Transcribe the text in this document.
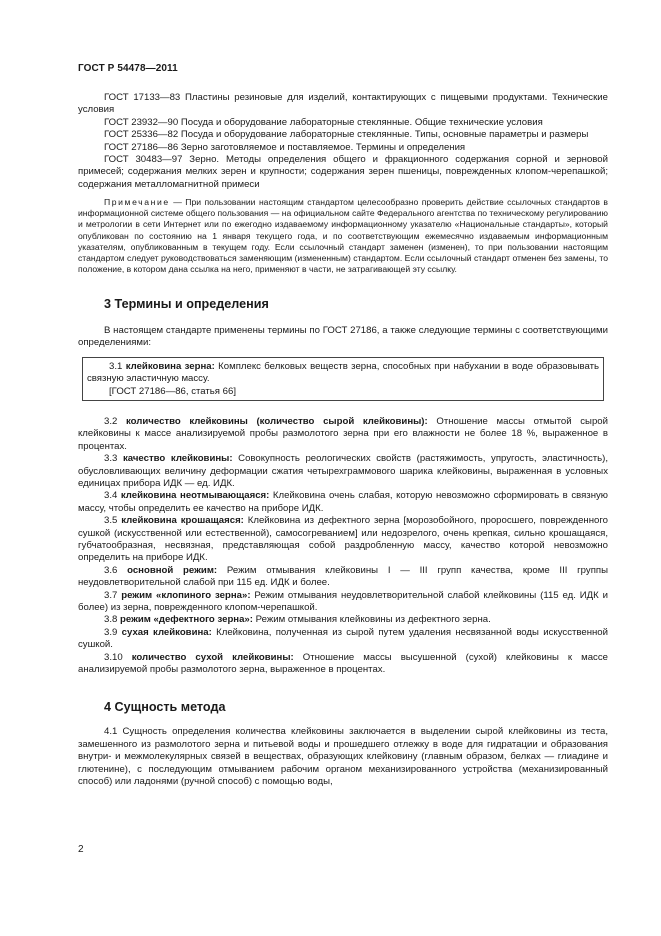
ГОСТ Р 54478—2011

ГОСТ 17133—83 Пластины резиновые для изделий, контактирующих с пищевыми продуктами. Технические условия

ГОСТ 23932—90 Посуда и оборудование лабораторные стеклянные. Общие технические условия

ГОСТ 25336—82 Посуда и оборудование лабораторные стеклянные. Типы, основные параметры и размеры

ГОСТ 27186—86 Зерно заготовляемое и поставляемое. Термины и определения

ГОСТ 30483—97 Зерно. Методы определения общего и фракционного содержания сорной и зерновой примесей; содержания мелких зерен и крупности; содержания зерен пшеницы, поврежденных клопом-черепашкой; содержания металломагнитной примеси

Примечание — При пользовании настоящим стандартом целесообразно проверить действие ссылочных стандартов в информационной системе общего пользования — на официальном сайте Федерального агентства по техническому регулированию и метрологии в сети Интернет или по ежегодно издаваемому информационному указателю «Национальные стандарты», который опубликован по состоянию на 1 января текущего года, и по соответствующим ежемесячно издаваемым информационным указателям, опубликованным в текущем году. Если ссылочный стандарт заменен (изменен), то при пользовании настоящим стандартом следует руководствоваться заменяющим (измененным) стандартом. Если ссылочный стандарт отменен без замены, то положение, в котором дана ссылка на него, применяют в части, не затрагивающей эту ссылку.

3 Термины и определения

В настоящем стандарте применены термины по ГОСТ 27186, а также следующие термины с соответствующими определениями:

3.1 клейковина зерна: Комплекс белковых веществ зерна, способных при набухании в воде образовывать связную эластичную массу.

[ГОСТ 27186—86, статья 66]

3.2 количество клейковины (количество сырой клейковины): Отношение массы отмытой сырой клейковины к массе анализируемой пробы размолотого зерна при его влажности не более 18 %, выраженное в процентах.

3.3 качество клейковины: Совокупность реологических свойств (растяжимость, упругость, эластичность), обусловливающих величину деформации сжатия четырехграммового шарика клейковины, выраженная в условных единицах прибора ИДК — ед. ИДК.

3.4 клейковина неотмывающаяся: Клейковина очень слабая, которую невозможно сформировать в связную массу, чтобы определить ее качество на приборе ИДК.

3.5 клейковина крошащаяся: Клейковина из дефектного зерна [морозобойного, проросшего, поврежденного сушкой (искусственной или естественной), самосогреванием] или недозрелого, очень крепкая, сильно крошащаяся, губчатообразная, несвязная, представляющая собой раздробленную массу, качество которой невозможно определить на приборе ИДК.

3.6 основной режим: Режим отмывания клейковины I — III групп качества, кроме III группы неудовлетворительной слабой при 115 ед. ИДК и более.

3.7 режим «клопиного зерна»: Режим отмывания неудовлетворительной слабой клейковины (115 ед. ИДК и более) из зерна, поврежденного клопом-черепашкой.

3.8 режим «дефектного зерна»: Режим отмывания клейковины из дефектного зерна.

3.9 сухая клейковина: Клейковина, полученная из сырой путем удаления несвязанной воды искусственной сушкой.

3.10 количество сухой клейковины: Отношение массы высушенной (сухой) клейковины к массе анализируемой пробы размолотого зерна, выраженное в процентах.

4 Сущность метода

4.1 Сущность определения количества клейковины заключается в выделении сырой клейковины из теста, замешенного из размолотого зерна и питьевой воды и прошедшего отлежку в воде для гидратации и образования внутри- и межмолекулярных связей в веществах, образующих клейковину (главным образом, белках — глиадине и глютенине), с последующим отмыванием рабочим органом механизированного устройства (механизированный способ) или ладонями (ручной способ) с помощью воды,

2
